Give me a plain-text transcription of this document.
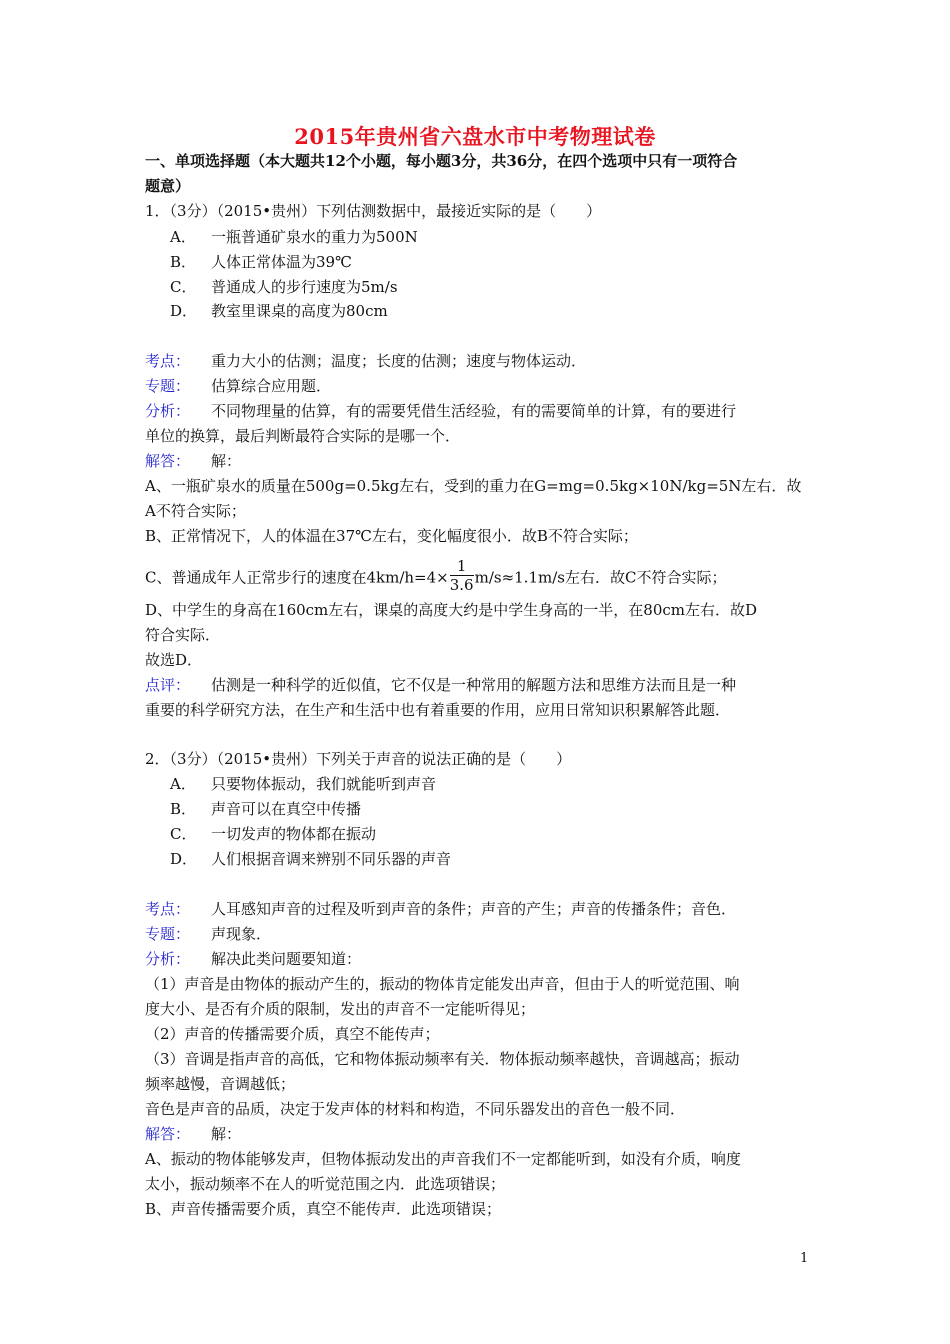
2015年贵州省六盘水市中考物理试卷
一、单项选择题（本大题共12个小题，每小题3分，共36分，在四个选项中只有一项符合
题意）
1．（3分）（2015•贵州）下列估测数据中，最接近实际的是（　　）
A． 一瓶普通矿泉水的重力为500N
B． 人体正常体温为39℃
C． 普通成人的步行速度为5m/s
D． 教室里课桌的高度为80cm
考点： 重力大小的估测；温度；长度的估测；速度与物体运动．
专题： 估算综合应用题．
分析： 不同物理量的估算，有的需要凭借生活经验，有的需要简单的计算，有的要进行
单位的换算，最后判断最符合实际的是哪一个．
解答： 解：
A、一瓶矿泉水的质量在500g=0.5kg左右，受到的重力在G=mg=0.5kg×10N/kg=5N左右．故
A不符合实际；
B、正常情况下，人的体温在37℃左右，变化幅度很小．故B不符合实际；
C、普通成年人正常步行的速度在$4km/h=4\times \frac{1}{3.6} m/s\approx 1.1m/s$左右．故C不符合实际；
D、中学生的身高在160cm左右，课桌的高度大约是中学生身高的一半，在80cm左右．故D
符合实际．
故选D．
点评： 估测是一种科学的近似值，它不仅是一种常用的解题方法和思维方法而且是一种
重要的科学研究方法，在生产和生活中也有着重要的作用，应用日常知识积累解答此题．
2．（3分）（2015•贵州）下列关于声音的说法正确的是（　　）
A． 只要物体振动，我们就能听到声音
B． 声音可以在真空中传播
C． 一切发声的物体都在振动
D． 人们根据音调来辨别不同乐器的声音
考点： 人耳感知声音的过程及听到声音的条件；声音的产生；声音的传播条件；音色．
专题： 声现象．
分析： 解决此类问题要知道：
（1）声音是由物体的振动产生的，振动的物体肯定能发出声音，但由于人的听觉范围、响
度大小、是否有介质的限制，发出的声音不一定能听得见；
（2）声音的传播需要介质，真空不能传声；
（3）音调是指声音的高低，它和物体振动频率有关．物体振动频率越快，音调越高；振动
频率越慢，音调越低；
音色是声音的品质，决定于发声体的材料和构造，不同乐器发出的音色一般不同．
解答： 解：
A、振动的物体能够发声，但物体振动发出的声音我们不一定都能听到，如没有介质，响度
太小，振动频率不在人的听觉范围之内．此选项错误；
B、声音传播需要介质，真空不能传声．此选项错误；
1
